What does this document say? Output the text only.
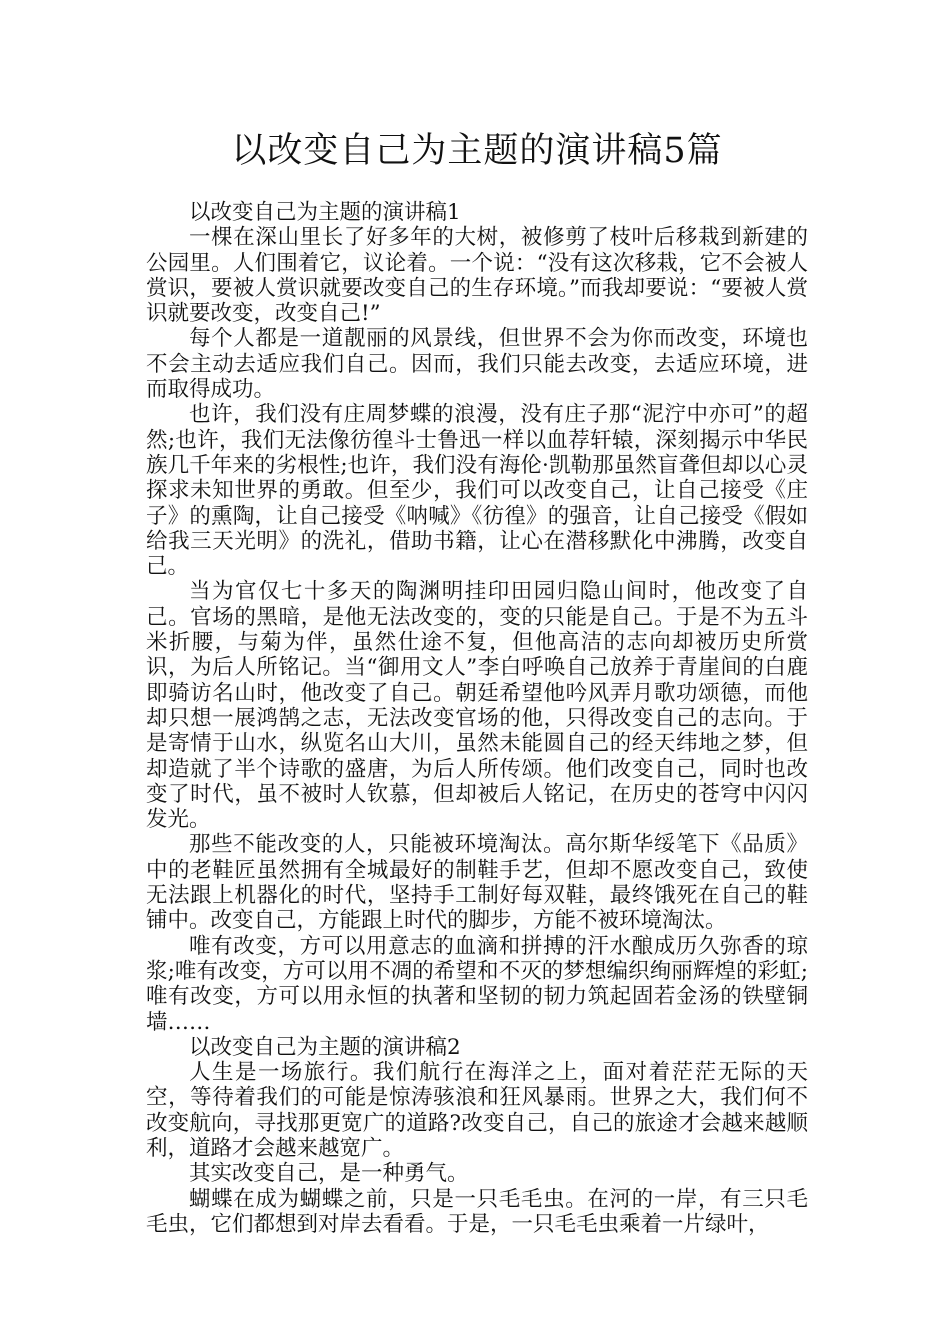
以改变自己为主题的演讲稿5篇

以改变自己为主题的演讲稿1

一棵在深山里长了好多年的大树，被修剪了枝叶后移栽到新建的公园里。人们围着它，议论着。一个说：“没有这次移栽，它不会被人赏识，要被人赏识就要改变自己的生存环境。”而我却要说：“要被人赏识就要改变，改变自己!”

每个人都是一道靓丽的风景线，但世界不会为你而改变，环境也不会主动去适应我们自己。因而，我们只能去改变，去适应环境，进而取得成功。

也许，我们没有庄周梦蝶的浪漫，没有庄子那“泥泞中亦可”的超然;也许，我们无法像彷徨斗士鲁迅一样以血荐轩辕，深刻揭示中华民族几千年来的劣根性;也许，我们没有海伦·凯勒那虽然盲聋但却以心灵探求未知世界的勇敢。但至少，我们可以改变自己，让自己接受《庄子》的熏陶，让自己接受《呐喊》《彷徨》的强音，让自己接受《假如给我三天光明》的洗礼，借助书籍，让心在潜移默化中沸腾，改变自己。

当为官仅七十多天的陶渊明挂印田园归隐山间时，他改变了自己。官场的黑暗，是他无法改变的，变的只能是自己。于是不为五斗米折腰，与菊为伴，虽然仕途不复，但他高洁的志向却被历史所赏识，为后人所铭记。当“御用文人”李白呼唤自己放养于青崖间的白鹿即骑访名山时，他改变了自己。朝廷希望他吟风弄月歌功颂德，而他却只想一展鸿鹄之志，无法改变官场的他，只得改变自己的志向。于是寄情于山水，纵览名山大川，虽然未能圆自己的经天纬地之梦，但却造就了半个诗歌的盛唐，为后人所传颂。他们改变自己，同时也改变了时代，虽不被时人钦慕，但却被后人铭记，在历史的苍穹中闪闪发光。

那些不能改变的人，只能被环境淘汰。高尔斯华绥笔下《品质》中的老鞋匠虽然拥有全城最好的制鞋手艺，但却不愿改变自己，致使无法跟上机器化的时代，坚持手工制好每双鞋，最终饿死在自己的鞋铺中。改变自己，方能跟上时代的脚步，方能不被环境淘汰。

唯有改变，方可以用意志的血滴和拼搏的汗水酿成历久弥香的琼浆;唯有改变，方可以用不凋的希望和不灭的梦想编织绚丽辉煌的彩虹;唯有改变，方可以用永恒的执著和坚韧的韧力筑起固若金汤的铁壁铜墙……

以改变自己为主题的演讲稿2

人生是一场旅行。我们航行在海洋之上，面对着茫茫无际的天空，等待着我们的可能是惊涛骇浪和狂风暴雨。世界之大，我们何不改变航向，寻找那更宽广的道路?改变自己，自己的旅途才会越来越顺利，道路才会越来越宽广。

其实改变自己，是一种勇气。

蝴蝶在成为蝴蝶之前，只是一只毛毛虫。在河的一岸，有三只毛毛虫，它们都想到对岸去看看。于是，一只毛毛虫乘着一片绿叶，
